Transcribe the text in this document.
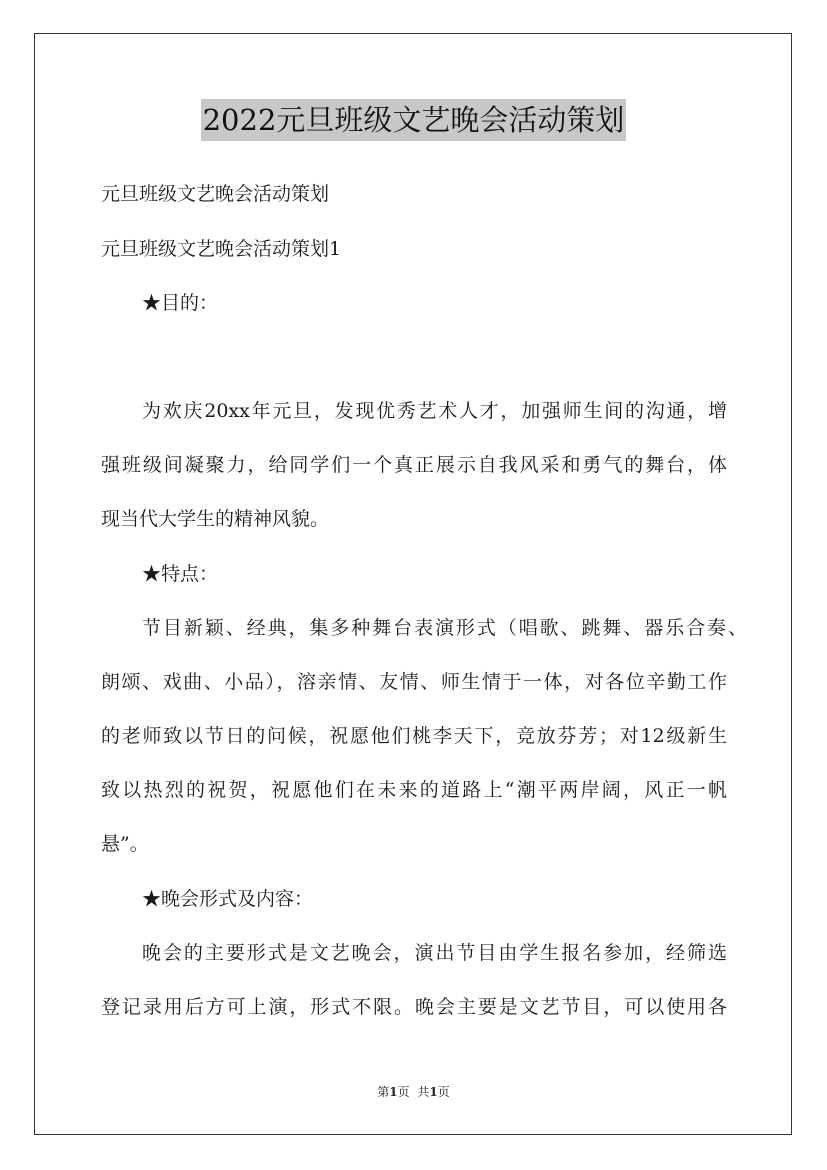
2022元旦班级文艺晚会活动策划
元旦班级文艺晚会活动策划
元旦班级文艺晚会活动策划1
★目的：
为欢庆20xx年元旦，发现优秀艺术人才，加强师生间的沟通，增
强班级间凝聚力，给同学们一个真正展示自我风采和勇气的舞台，体
现当代大学生的精神风貌。
★特点：
节目新颖、经典，集多种舞台表演形式（唱歌、跳舞、器乐合奏、
朗颂、戏曲、小品），溶亲情、友情、师生情于一体，对各位辛勤工作
的老师致以节日的问候，祝愿他们桃李天下，竞放芬芳；对12级新生
致以热烈的祝贺，祝愿他们在未来的道路上“潮平两岸阔，风正一帆
悬”。
★晚会形式及内容：
晚会的主要形式是文艺晚会，演出节目由学生报名参加，经筛选
登记录用后方可上演，形式不限。晚会主要是文艺节目，可以使用各
第1页 共1页
